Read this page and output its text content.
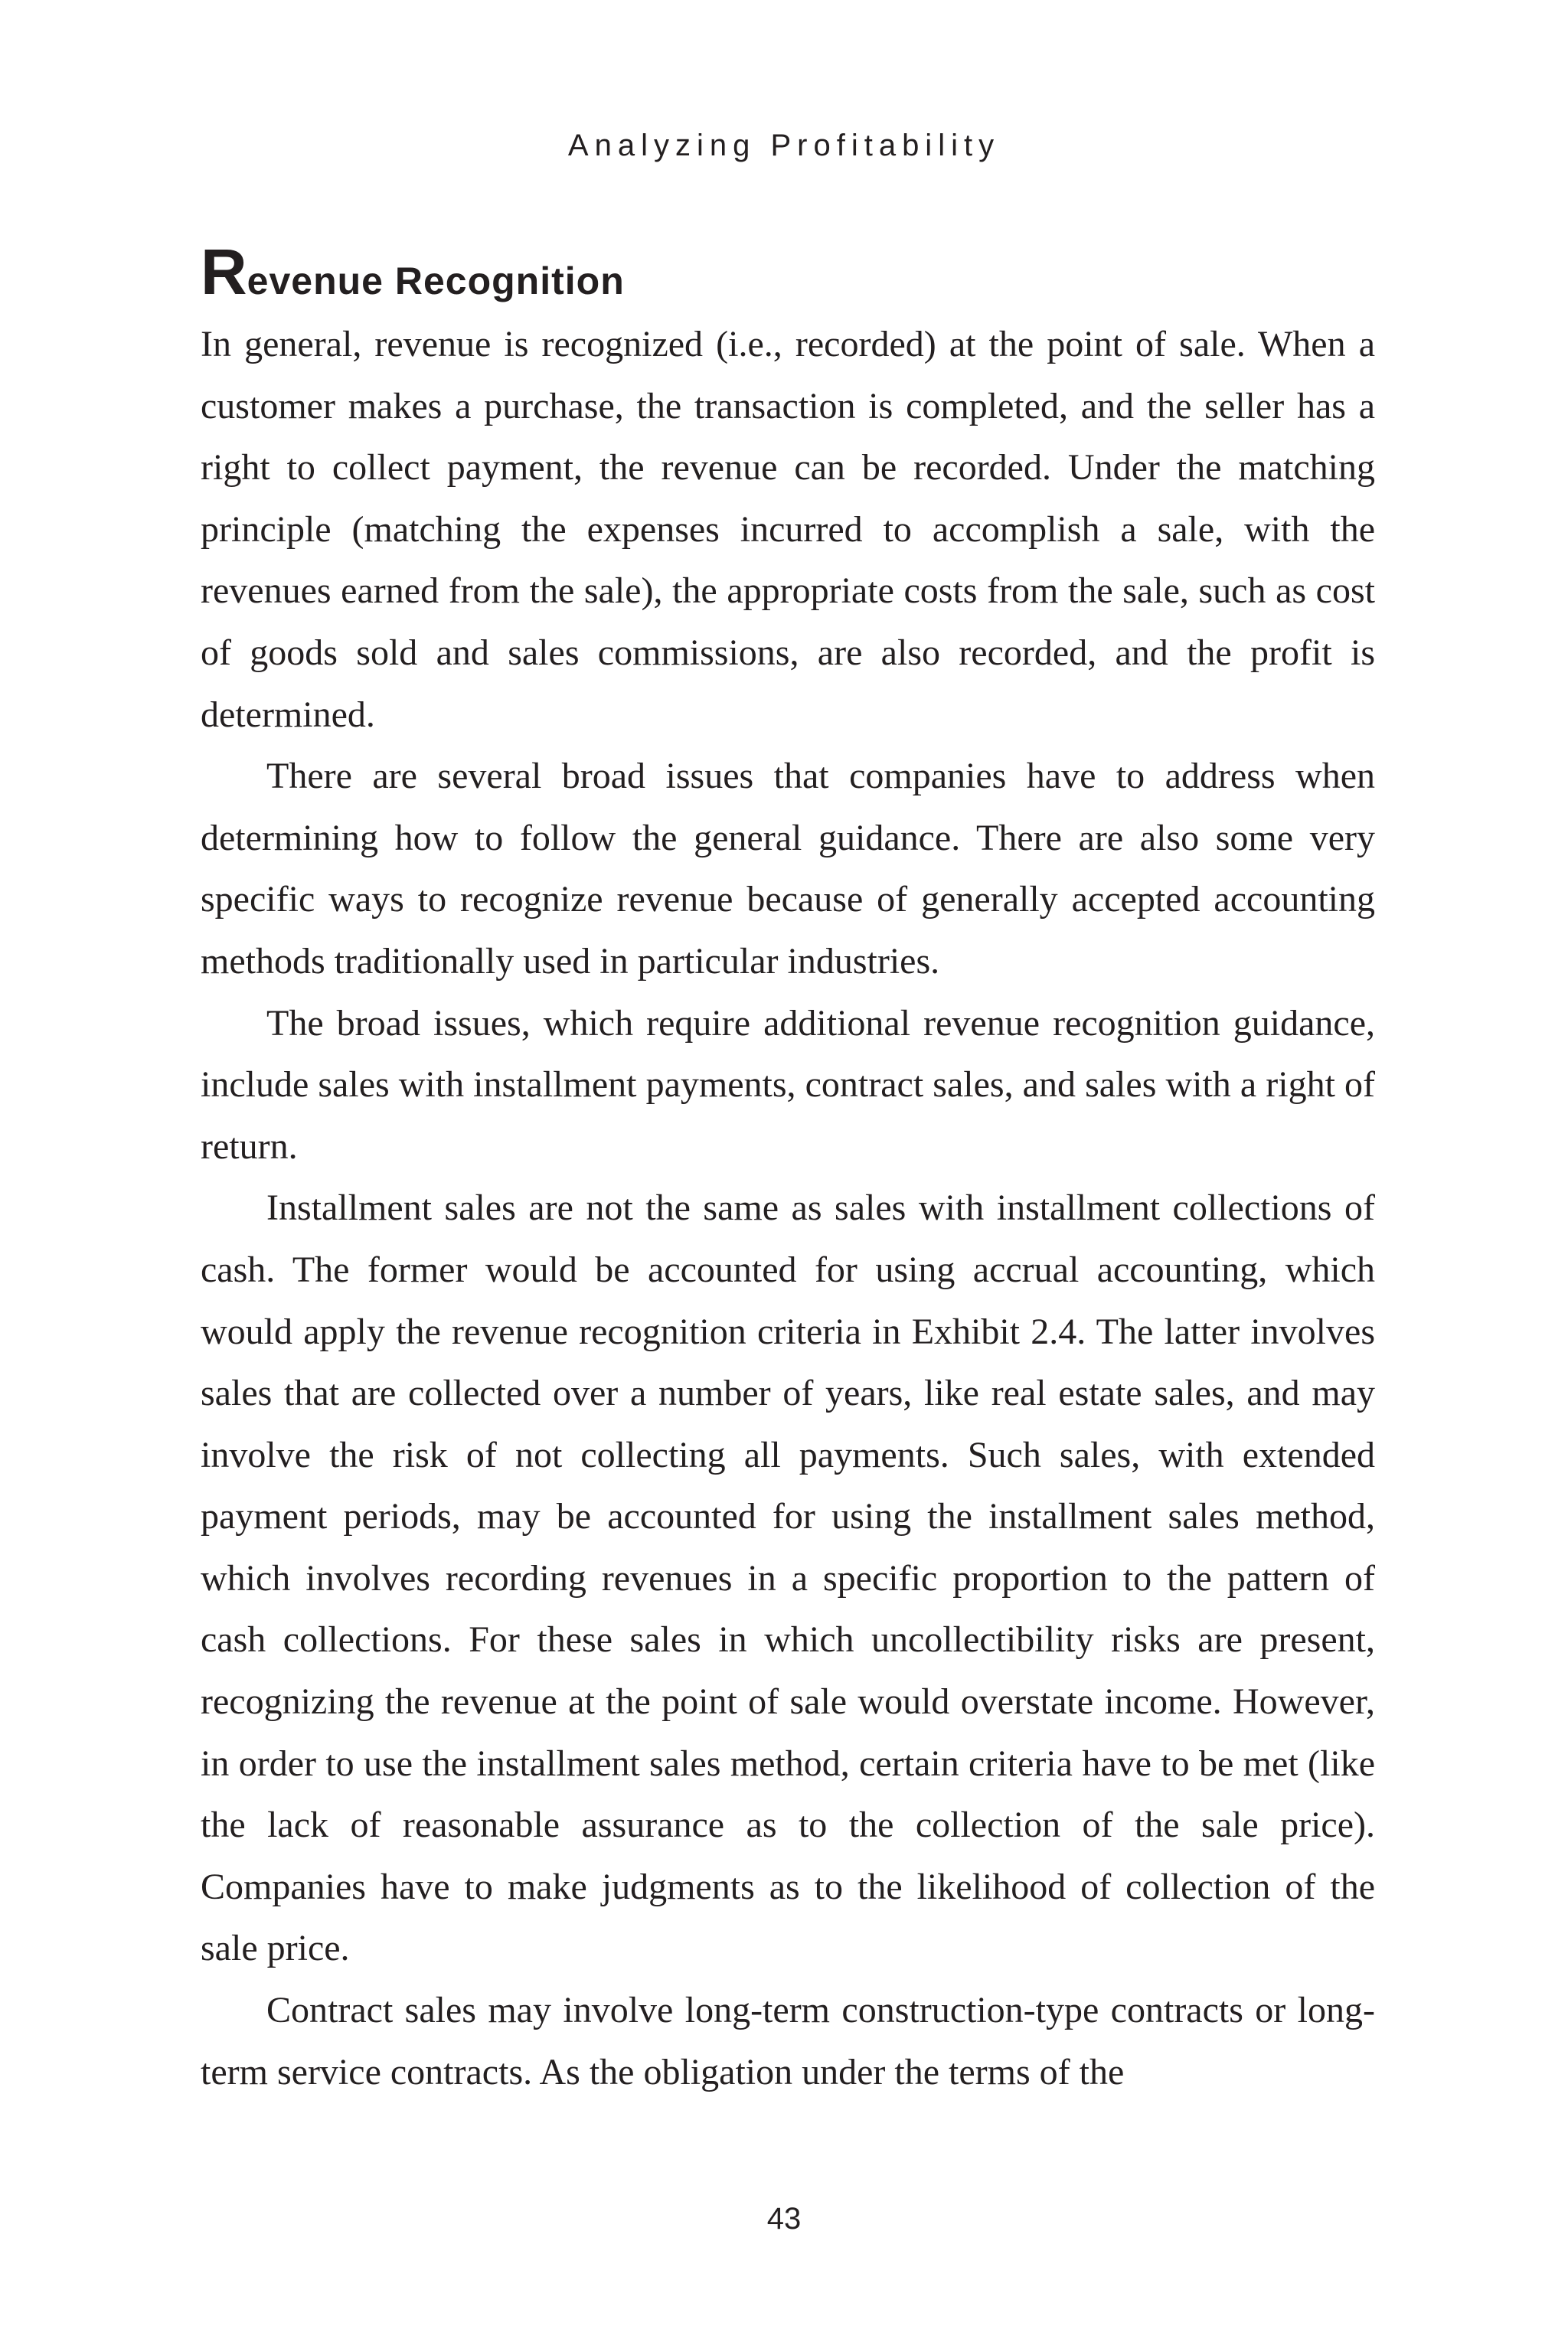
Analyzing Profitability
Revenue Recognition

In general, revenue is recognized (i.e., recorded) at the point of sale. When a customer makes a purchase, the transaction is completed, and the seller has a right to collect payment, the revenue can be recorded. Under the matching principle (matching the expenses incurred to accomplish a sale, with the revenues earned from the sale), the appropriate costs from the sale, such as cost of goods sold and sales commissions, are also recorded, and the profit is determined.

There are several broad issues that companies have to address when determining how to follow the general guidance. There are also some very specific ways to recognize revenue because of generally accepted accounting methods traditionally used in particular industries.

The broad issues, which require additional revenue recognition guidance, include sales with installment payments, contract sales, and sales with a right of return.

Installment sales are not the same as sales with installment collections of cash. The former would be accounted for using accrual accounting, which would apply the revenue recognition criteria in Exhibit 2.4. The latter involves sales that are collected over a number of years, like real estate sales, and may involve the risk of not collecting all payments. Such sales, with extended payment periods, may be accounted for using the installment sales method, which involves recording revenues in a specific proportion to the pattern of cash collections. For these sales in which uncollectibility risks are present, recognizing the revenue at the point of sale would overstate income. However, in order to use the installment sales method, certain criteria have to be met (like the lack of reasonable assurance as to the collection of the sale price). Companies have to make judgments as to the likelihood of collection of the sale price.

Contract sales may involve long-term construction-type contracts or long-term service contracts. As the obligation under the terms of the

43
